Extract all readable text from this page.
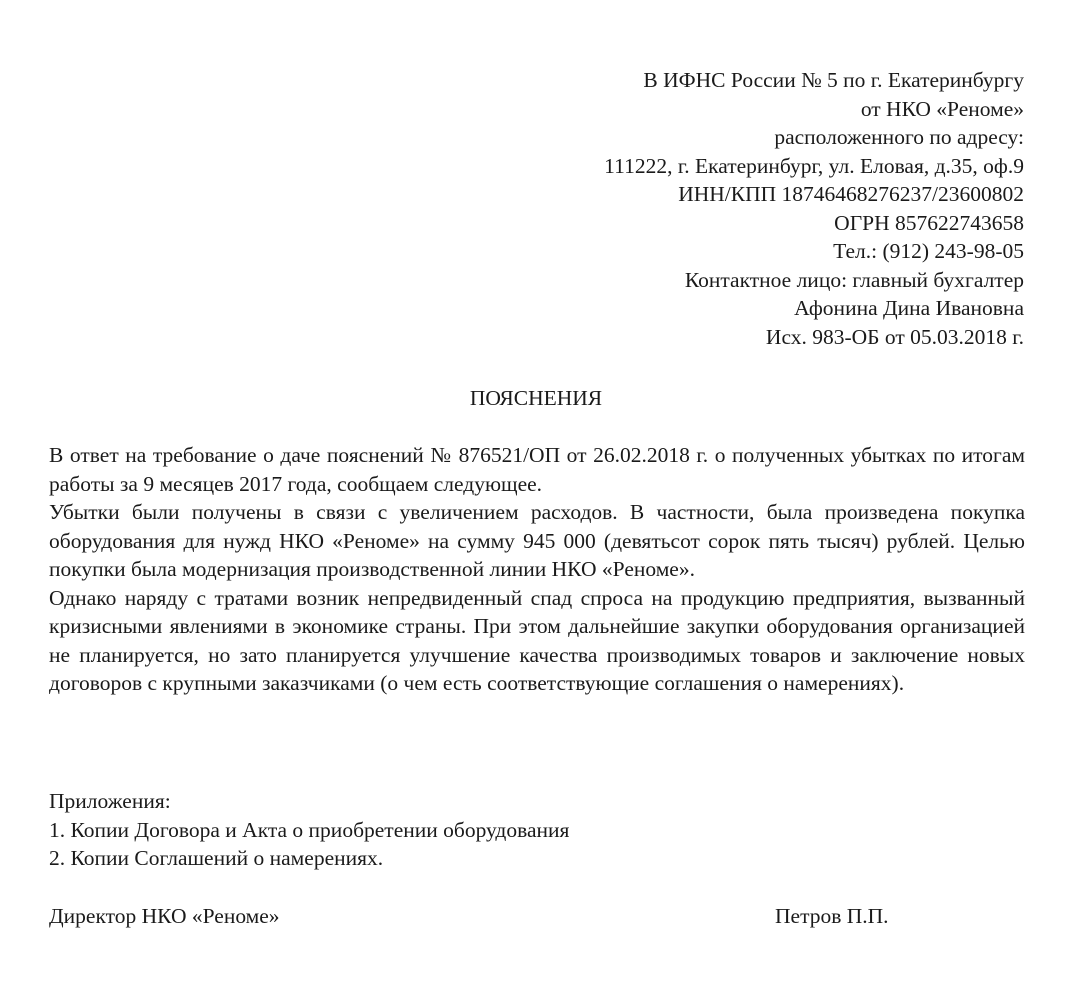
В ИФНС России № 5 по г. Екатеринбургу
от НКО «Реноме»
расположенного по адресу:
111222, г. Екатеринбург, ул. Еловая, д.35, оф.9
ИНН/КПП 18746468276237/23600802
ОГРН 857622743658
Тел.: (912) 243-98-05
Контактное лицо: главный бухгалтер
Афонина Дина Ивановна
Исх. 983-ОБ от 05.03.2018 г.
ПОЯСНЕНИЯ

В ответ на требование о даче пояснений № 876521/ОП от 26.02.2018 г. о полученных убытках по итогам работы за 9 месяцев 2017 года, сообщаем следующее.

Убытки были получены в связи с увеличением расходов. В частности, была произведена покупка оборудования для нужд НКО «Реноме» на сумму 945 000 (девятьсот сорок пять тысяч) рублей. Целью покупки была модернизация производственной линии НКО «Реноме».

Однако наряду с тратами возник непредвиденный спад спроса на продукцию предприятия, вызванный кризисными явлениями в экономике страны. При этом дальнейшие закупки оборудования организацией не планируется, но зато планируется улучшение качества производимых товаров и заключение новых договоров с крупными заказчиками (о чем есть соответствующие соглашения о намерениях).

Приложения:
1. Копии Договора и Акта о приобретении оборудования
2. Копии Соглашений о намерениях.
Директор НКО «Реноме»	Петров П.П.
